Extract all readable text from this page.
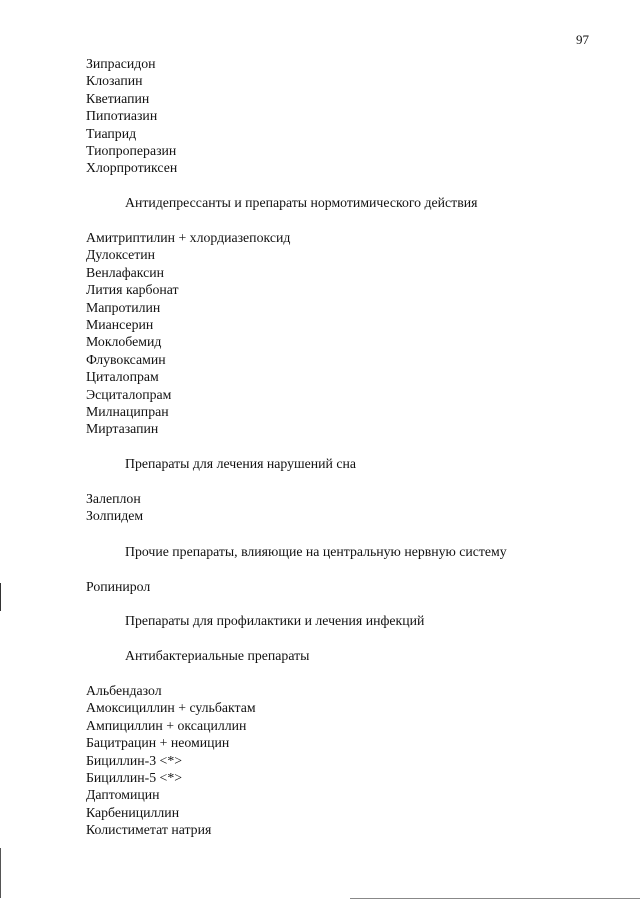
97
Зипрасидон
Клозапин
Кветиапин
Пипотиазин
Тиаприд
Тиопроперазин
Хлорпротиксен
Антидепрессанты и препараты нормотимического действия
Амитриптилин + хлордиазепоксид
Дулоксетин
Венлафаксин
Лития карбонат
Мапротилин
Миансерин
Моклобемид
Флувоксамин
Циталопрам
Эсциталопрам
Милнаципран
Миртазапин
Препараты для лечения нарушений сна
Залеплон
Золпидем
Прочие препараты, влияющие на центральную нервную систему
Ропинирол
Препараты для профилактики и лечения инфекций
Антибактериальные препараты
Альбендазол
Амоксициллин + сульбактам
Ампициллин + оксациллин
Бацитрацин + неомицин
Бициллин-3 <*>
Бициллин-5 <*>
Даптомицин
Карбенициллин
Колистиметат натрия
